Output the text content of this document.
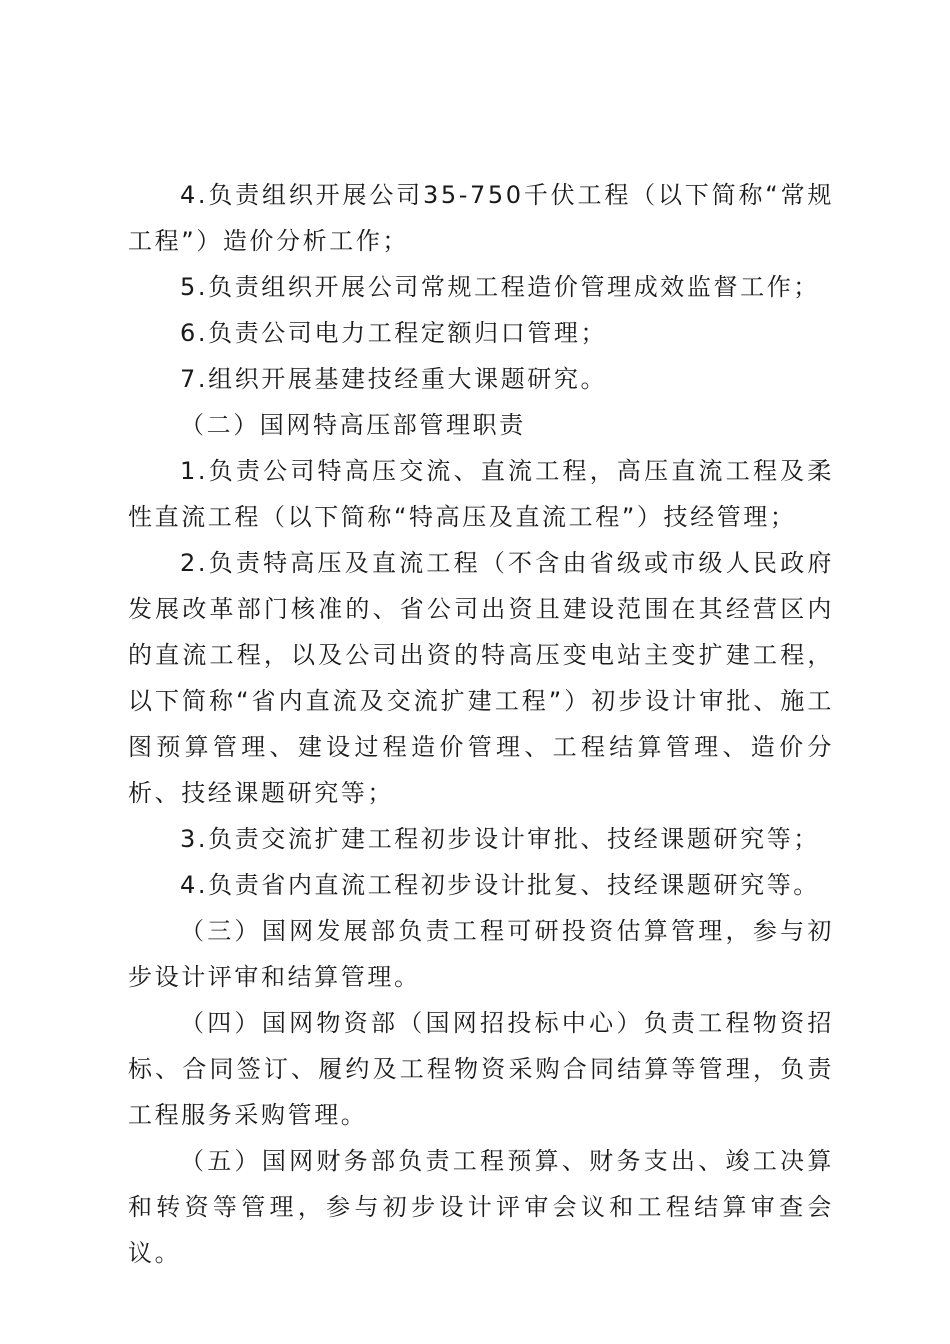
4.负责组织开展公司35-750千伏工程（以下简称“常规工程”）造价分析工作；

5.负责组织开展公司常规工程造价管理成效监督工作；

6.负责公司电力工程定额归口管理；

7.组织开展基建技经重大课题研究。

（二）国网特高压部管理职责

1.负责公司特高压交流、直流工程，高压直流工程及柔性直流工程（以下简称“特高压及直流工程”）技经管理；

2.负责特高压及直流工程（不含由省级或市级人民政府发展改革部门核准的、省公司出资且建设范围在其经营区内的直流工程，以及公司出资的特高压变电站主变扩建工程，以下简称“省内直流及交流扩建工程”）初步设计审批、施工图预算管理、建设过程造价管理、工程结算管理、造价分析、技经课题研究等；

3.负责交流扩建工程初步设计审批、技经课题研究等；

4.负责省内直流工程初步设计批复、技经课题研究等。

（三）国网发展部负责工程可研投资估算管理，参与初步设计评审和结算管理。

（四）国网物资部（国网招投标中心）负责工程物资招标、合同签订、履约及工程物资采购合同结算等管理，负责工程服务采购管理。

（五）国网财务部负责工程预算、财务支出、竣工决算和转资等管理，参与初步设计评审会议和工程结算审查会议。
